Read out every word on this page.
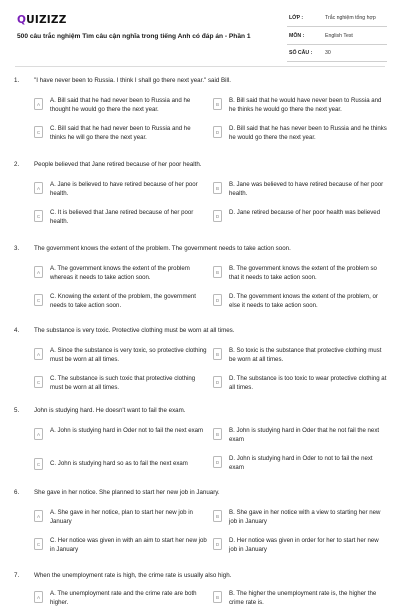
QUIZIZZ
500 câu trắc nghiệm Tìm câu cận nghĩa trong tiếng Anh có đáp án - Phần 1
LỚP :	Trắc nghiệm tổng hợp
MÔN :	English Test
SỐ CÂU : 30
1. "I have never been to Russia. I think I shall go there next year." said Bill.
A
A. Bill said that he had never been to Russia and he thought he would go there the next year.
B
B. Bill said that he would have never been to Russia and he thinks he would go there the next year.
C
C. Bill said that he had never been to Russia and he thinks he will go there the next year.
D
D. Bill said that he has never been to Russia and he thinks he would go there the next year.
2. People believed that Jane retired because of her poor health.
A
A. Jane is believed to have retired because of her poor health.
B
B. Jane was believed to have retired because of her poor health.
C
C. It is believed that Jane retired because of her poor health.
D
D. Jane retired because of her poor health was believed
3. The government knows the extent of the problem. The government needs to take action soon.
A
A. The government knows the extent of the problem whereas it needs to take action soon.
B
B. The government knows the extent of the problem so that it needs to take action soon.
C
C. Knowing the extent of the problem, the government needs to take action soon.
D
D. The government knows the extent of the problem, or else it needs to take action soon.
4. The substance is very toxic. Protective clothing must be worn at all times.
A
A. Since the substance is very toxic, so protective clothing must be worn at all times.
B
B. So toxic is the substance that protective clothing must be worn at all times.
C
C. The substance is such toxic that protective clothing must be worn at all times.
D
D. The substance is too toxic to wear protective clothing at all times.
5. John is studying hard. He doesn't want to fail the exam.
A
A. John is studying hard in Oder not to fail the next exam
B
B. John is studying hard in Oder that he not fail the next exam
C	C. John is studying hard so as to fail the next exam	D
D. John is studying hard in Oder to not to fail the next exam
6. She gave in her notice. She planned to start her new job in January.
A
A. She gave in her notice, plan to start her new job in January
B
B. She gave in her notice with a view to starting her new job in January
C
C. Her notice was given in with an aim to start her new job in January
D
D. Her notice was given in order for her to start her new job in January
7. When the unemployment rate is high, the crime rate is usually also high.
A
A. The unemployment rate and the crime rate are both higher.
B
B. The higher the unemployment rate is, the higher the crime rate is.
